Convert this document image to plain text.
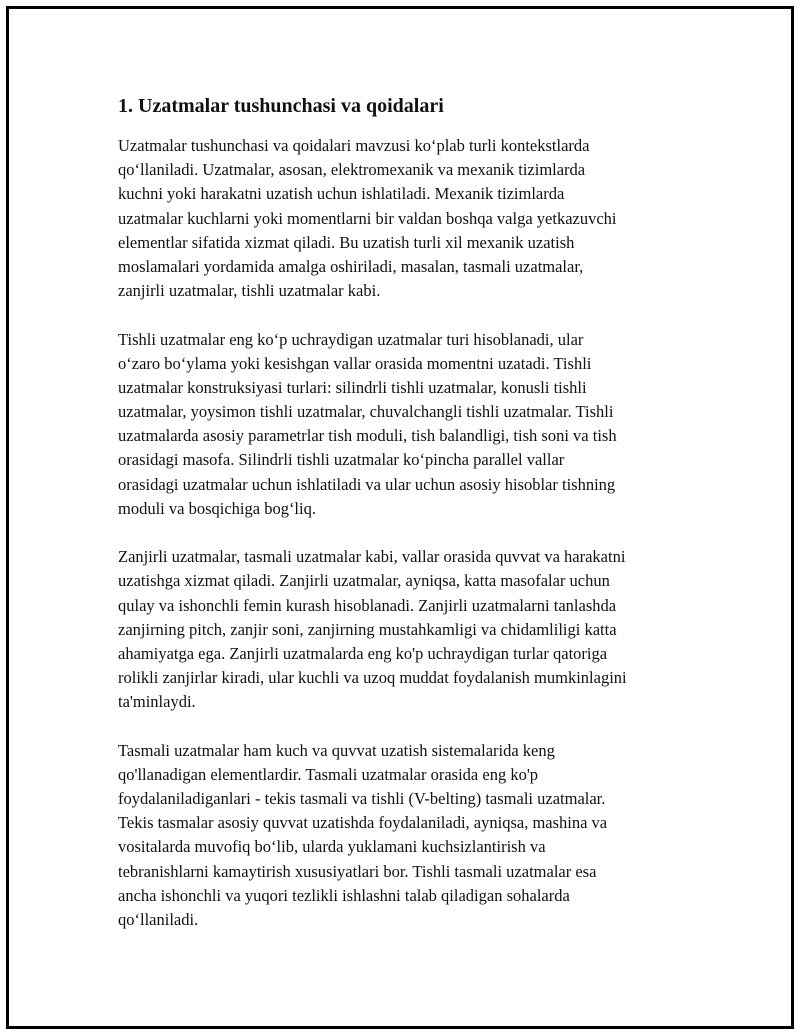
1. Uzatmalar tushunchasi va qoidalari
Uzatmalar tushunchasi va qoidalari mavzusi ko‘plab turli kontekstlarda
qo‘llaniladi. Uzatmalar, asosan, elektromexanik va mexanik tizimlarda
kuchni yoki harakatni uzatish uchun ishlatiladi. Mexanik tizimlarda
uzatmalar kuchlarni yoki momentlarni bir valdan boshqa valga yetkazuvchi
elementlar sifatida xizmat qiladi. Bu uzatish turli xil mexanik uzatish
moslamalari yordamida amalga oshiriladi, masalan, tasmali uzatmalar,
zanjirli uzatmalar, tishli uzatmalar kabi.
Tishli uzatmalar eng ko‘p uchraydigan uzatmalar turi hisoblanadi, ular
o‘zaro bo‘ylama yoki kesishgan vallar orasida momentni uzatadi. Tishli
uzatmalar konstruksiyasi turlari: silindrli tishli uzatmalar, konusli tishli
uzatmalar, yoysimon tishli uzatmalar, chuvalchangli tishli uzatmalar. Tishli
uzatmalarda asosiy parametrlar tish moduli, tish balandligi, tish soni va tish
orasidagi masofa. Silindrli tishli uzatmalar ko‘pincha parallel vallar
orasidagi uzatmalar uchun ishlatiladi va ular uchun asosiy hisoblar tishning
moduli va bosqichiga bog‘liq.
Zanjirli uzatmalar, tasmali uzatmalar kabi, vallar orasida quvvat va harakatni
uzatishga xizmat qiladi. Zanjirli uzatmalar, ayniqsa, katta masofalar uchun
qulay va ishonchli femin kurash hisoblanadi. Zanjirli uzatmalarni tanlashda
zanjirning pitch, zanjir soni, zanjirning mustahkamligi va chidamliligi katta
ahamiyatga ega. Zanjirli uzatmalarda eng ko'p uchraydigan turlar qatoriga
rolikli zanjirlar kiradi, ular kuchli va uzoq muddat foydalanish mumkinlagini
ta'minlaydi.
Tasmali uzatmalar ham kuch va quvvat uzatish sistemalarida keng
qo'llanadigan elementlardir. Tasmali uzatmalar orasida eng ko'p
foydalaniladiganlari - tekis tasmali va tishli (V-belting) tasmali uzatmalar.
Tekis tasmalar asosiy quvvat uzatishda foydalaniladi, ayniqsa, mashina va
vositalarda muvofiq bo‘lib, ularda yuklamani kuchsizlantirish va
tebranishlarni kamaytirish xususiyatlari bor. Tishli tasmali uzatmalar esa
ancha ishonchli va yuqori tezlikli ishlashni talab qiladigan sohalarda
qo‘llaniladi.
